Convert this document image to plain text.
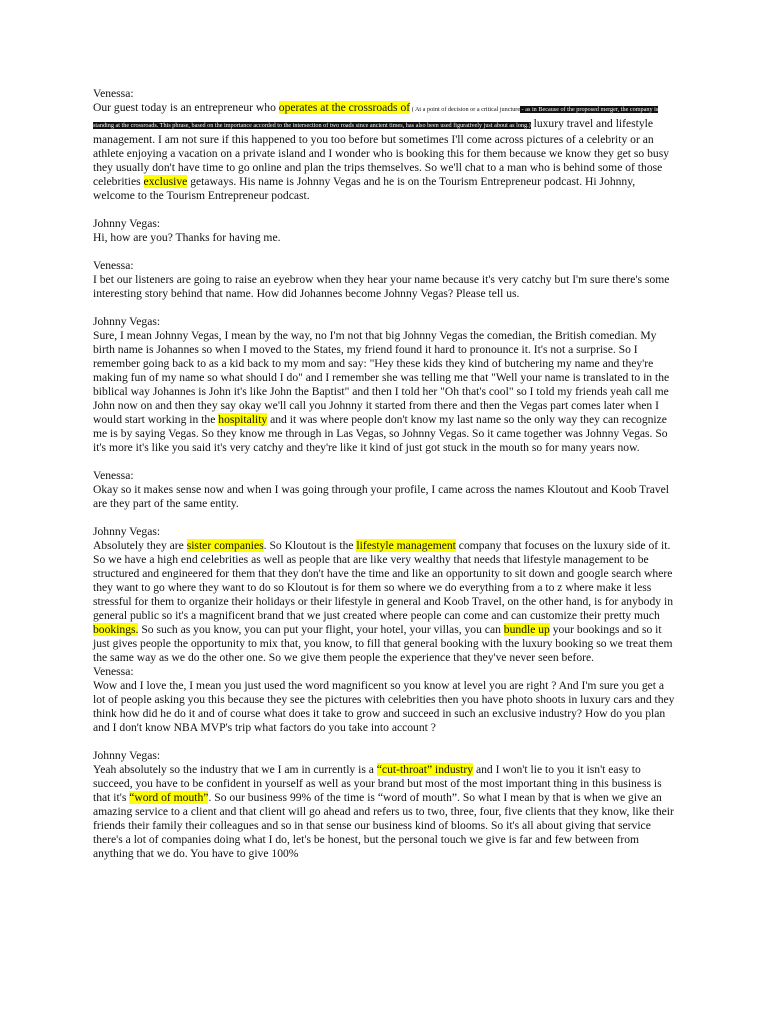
Venessa:
Our guest today is an entrepreneur who operates at the crossroads of ( At a point of decision or a critical juncture - as in Because of the proposed merger, the company is standing at the crossroads. This phrase, based on the importance accorded to the intersection of two roads since ancient times, has also been used figuratively just about as long.) luxury travel and lifestyle management. I am not sure if this happened to you too before but sometimes I'll come across pictures of a celebrity or an athlete enjoying a vacation on a private island and I wonder who is booking this for them because we know they get so busy they usually don't have time to go online and plan the trips themselves. So we'll chat to a man who is behind some of those celebrities exclusive getaways. His name is Johnny Vegas and he is on the Tourism Entrepreneur podcast. Hi Johnny, welcome to the Tourism Entrepreneur podcast.
Johnny Vegas:
Hi, how are you? Thanks for having me.
Venessa:
I bet our listeners are going to raise an eyebrow when they hear your name because it's very catchy but I'm sure there's some interesting story behind that name. How did Johannes become Johnny Vegas? Please tell us.
Johnny Vegas:
Sure, I mean Johnny Vegas, I mean by the way, no I'm not that big Johnny Vegas the comedian, the British comedian. My birth name is Johannes so when I moved to the States, my friend found it hard to pronounce it. It's not a surprise. So I remember going back to as a kid back to my mom and say: "Hey these kids they kind of butchering my name and they're making fun of my name so what should I do" and I remember she was telling me that "Well your name is translated to in the biblical way Johannes is John it's like John the Baptist" and then I told her "Oh that's cool" so I told my friends yeah call me John now on and then they say okay we'll call you Johnny it started from there and then the Vegas part comes later when I would start working in the hospitality and it was where people don't know my last name so the only way they can recognize me is by saying Vegas. So they know me through in Las Vegas, so Johnny Vegas. So it came together was Johnny Vegas. So it's more it's like you said it's very catchy and they're like it kind of just got stuck in the mouth so for many years now.
Venessa:
Okay so it makes sense now and when I was going through your profile, I came across the names Kloutout and Koob Travel are they part of the same entity.
Johnny Vegas:
Absolutely they are sister companies. So Kloutout is the lifestyle management company that focuses on the luxury side of it. So we have a high end celebrities as well as people that are like very wealthy that needs that lifestyle management to be structured and engineered for them that they don't have the time and like an opportunity to sit down and google search where they want to go where they want to do so Kloutout is for them so where we do everything from a to z where make it less stressful for them to organize their holidays or their lifestyle in general and Koob Travel, on the other hand, is for anybody in general public so it's a magnificent brand that we just created where people can come and can customize their pretty much bookings. So such as you know, you can put your flight, your hotel, your villas, you can bundle up your bookings and so it just gives people the opportunity to mix that, you know, to fill that general booking with the luxury booking so we treat them the same way as we do the other one. So we give them people the experience that they've never seen before.
Venessa:
Wow and I love the, I mean you just used the word magnificent so you know at level you are right ? And I'm sure you get a lot of people asking you this because they see the pictures with celebrities then you have photo shoots in luxury cars and they think how did he do it and of course what does it take to grow and succeed in such an exclusive industry? How do you plan and I don't know NBA MVP's trip what factors do you take into account ?
Johnny Vegas:
Yeah absolutely so the industry that we I am in currently is a “cut-throat” industry and I won't lie to you it isn't easy to succeed, you have to be confident in yourself as well as your brand but most of the most important thing in this business is that it's “word of mouth”. So our business 99% of the time is “word of mouth”. So what I mean by that is when we give an amazing service to a client and that client will go ahead and refers us to two, three, four, five clients that they know, like their friends their family their colleagues and so in that sense our business kind of blooms. So it's all about giving that service there's a lot of companies doing what I do, let's be honest, but the personal touch we give is far and few between from anything that we do. You have to give 100%
